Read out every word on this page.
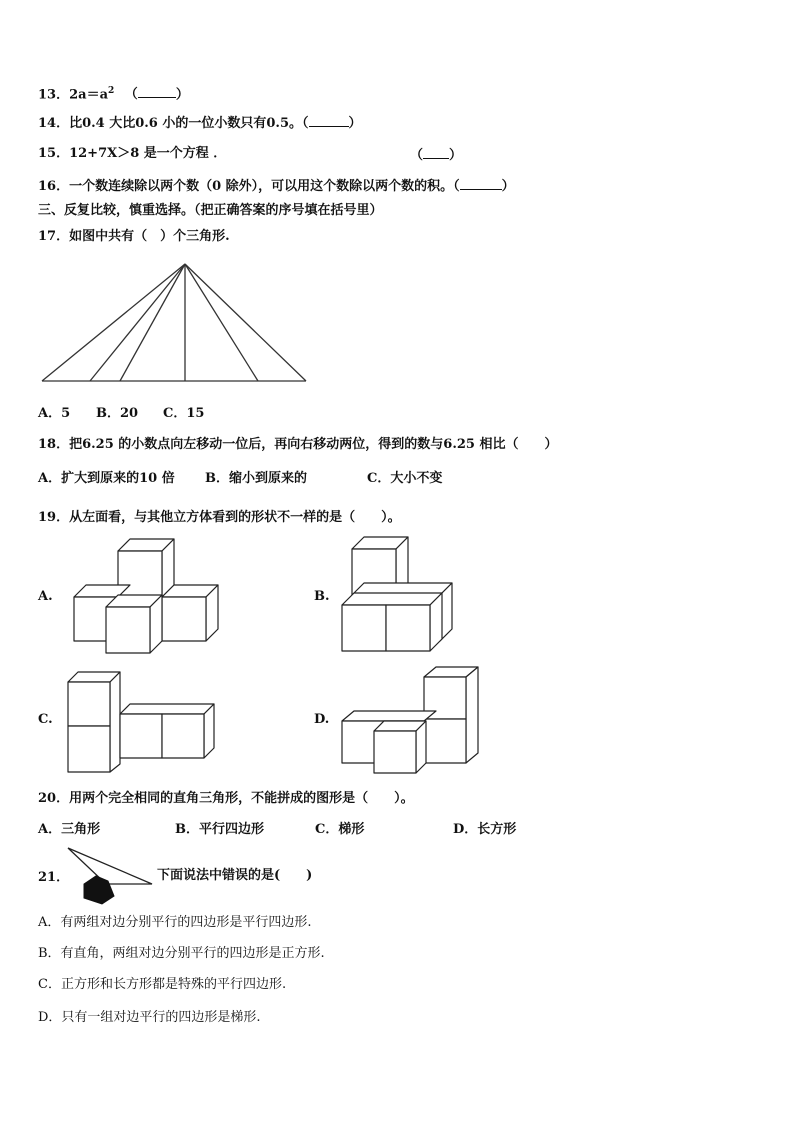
13．$2a=a^2$ （	）
14．比0.4 大比0.6 小的一位小数只有0.5。（	）
15．12+7X＞8 是一个方程 ．	（ ）
16．一个数连续除以两个数（0 除外），可以用这个数除以两个数的积。（	）
三、反复比较，慎重选择。（把正确答案的序号填在括号里）
17．如图中共有（　）个三角形.
A．5 B．20 C．15
18．把6.25 的小数点向左移动一位后，再向右移动两位，得到的数与6.25 相比（　　）
A．扩大到原来的10 倍 B．缩小到原来的	C．大小不变
19．从左面看，与其他立方体看到的形状不一样的是（　　）。
A.	B.
C.	D.
20．用两个完全相同的直角三角形，不能拼成的图形是（　　）。
A．三角形	B．平行四边形	C．梯形	D．长方形
21．	下面说法中错误的是(　　)
A．有两组对边分别平行的四边形是平行四边形.
B．有直角，两组对边分别平行的四边形是正方形.
C．正方形和长方形都是特殊的平行四边形.
D．只有一组对边平行的四边形是梯形.
